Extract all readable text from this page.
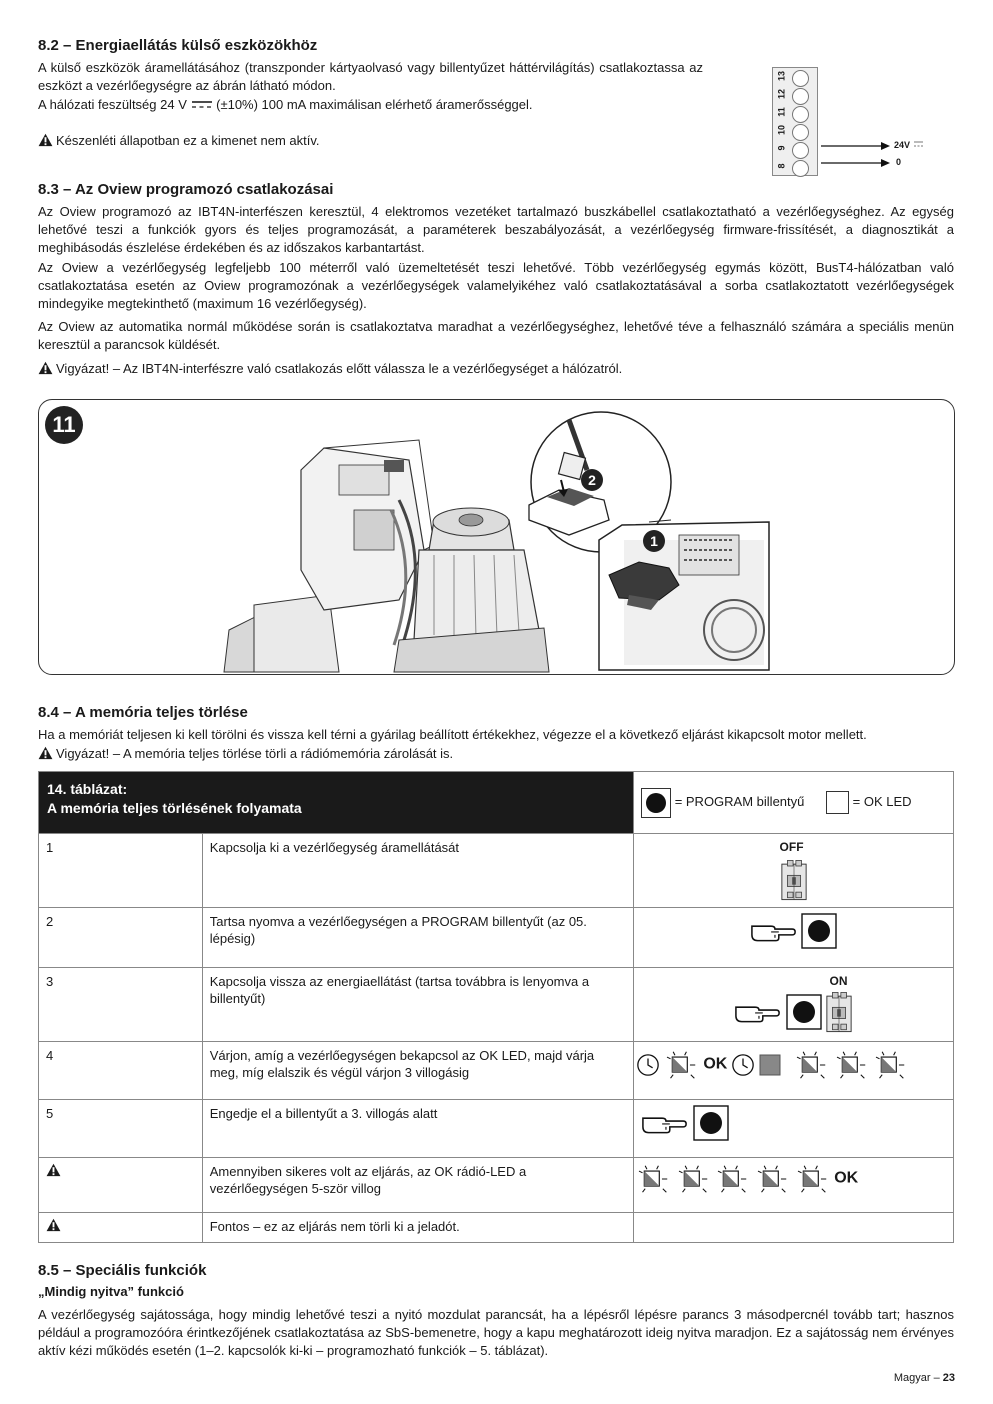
8.2 – Energiaellátás külső eszközökhöz

A külső eszközök áramellátásához (transzponder kártyaolvasó vagy billentyűzet háttérvilágítás) csatlakoztassa az eszközt a vezérlőegységre az ábrán látható módon.

A hálózati feszültség 24 V (±10%) 100 mA maximálisan elérhető áramerősséggel.

Készenléti állapotban ez a kimenet nem aktív.

13
12
11
10
9
8
24V
0
8.3 – Az Oview programozó csatlakozásai

Az Oview programozó az IBT4N-interfészen keresztül, 4 elektromos vezetéket tartalmazó buszkábellel csatlakoztatható a vezérlőegységhez. Az egység lehetővé teszi a funkciók gyors és teljes programozását, a paraméterek beszabályozását, a vezérlőegység firmware-frissítését, a diagnosztikát a meghibásodás észlelése érdekében és az időszakos karbantartást.

Az Oview a vezérlőegység legfeljebb 100 méterről való üzemeltetését teszi lehetővé. Több vezérlőegység egymás között, BusT4-hálózatban való csatlakoztatása esetén az Oview programozónak a vezérlőegységek valamelyikéhez való csatlakoztatásával a sorba csatlakoztatott vezérlőegységek mindegyike megtekinthető (maximum 16 vezérlőegység).

Az Oview az automatika normál működése során is csatlakoztatva maradhat a vezérlőegységhez, lehetővé téve a felhasználó számára a speciális menün keresztül a parancsok küldését.

Vigyázat! – Az IBT4N-interfészre való csatlakozás előtt válassza le a vezérlőegységet a hálózatról.

11
2
1
8.4 – A memória teljes törlése

Ha a memóriát teljesen ki kell törölni és vissza kell térni a gyárilag beállított értékekhez, végezze el a következő eljárást kikapcsolt motor mellett.

Vigyázat! – A memória teljes törlése törli a rádiómemória zárolását is.

14. táblázat:
A memória teljes törlésének folyamata		= PROGRAM billentyű = OK LED
1	Kapcsolja ki a vezérlőegység áramellátását	OFF

2	Tartsa nyomva a vezérlőegységen a PROGRAM billentyűt (az 05. lépésig)	
3	Kapcsolja vissza az energiaellátást (tartsa továbbra is lenyomva a billentyűt)	ON

4	Várjon, amíg a vezérlőegységen bekapcsol az OK LED, majd várja meg, míg elalszik és végül várjon 3 villogásig	OK
5	Engedje el a billentyűt a 3. villogás alatt	
	Amennyiben sikeres volt az eljárás, az OK rádió-LED a vezérlőegységen 5-ször villog	OK
	Fontos – ez az eljárás nem törli ki a jeladót.	
8.5 – Speciális funkciók
„Mindig nyitva” funkció

A vezérlőegység sajátossága, hogy mindig lehetővé teszi a nyitó mozdulat parancsát, ha a lépésről lépésre parancs 3 másodpercnél tovább tart; hasznos például a programozóóra érintkezőjének csatlakoztatása az SbS-bemenetre, hogy a kapu meghatározott ideig nyitva maradjon. Ez a sajátosság nem érvényes aktív kézi működés esetén (1–2. kapcsolók ki-ki – programozható funkciók – 5. táblázat).

Magyar – 23
